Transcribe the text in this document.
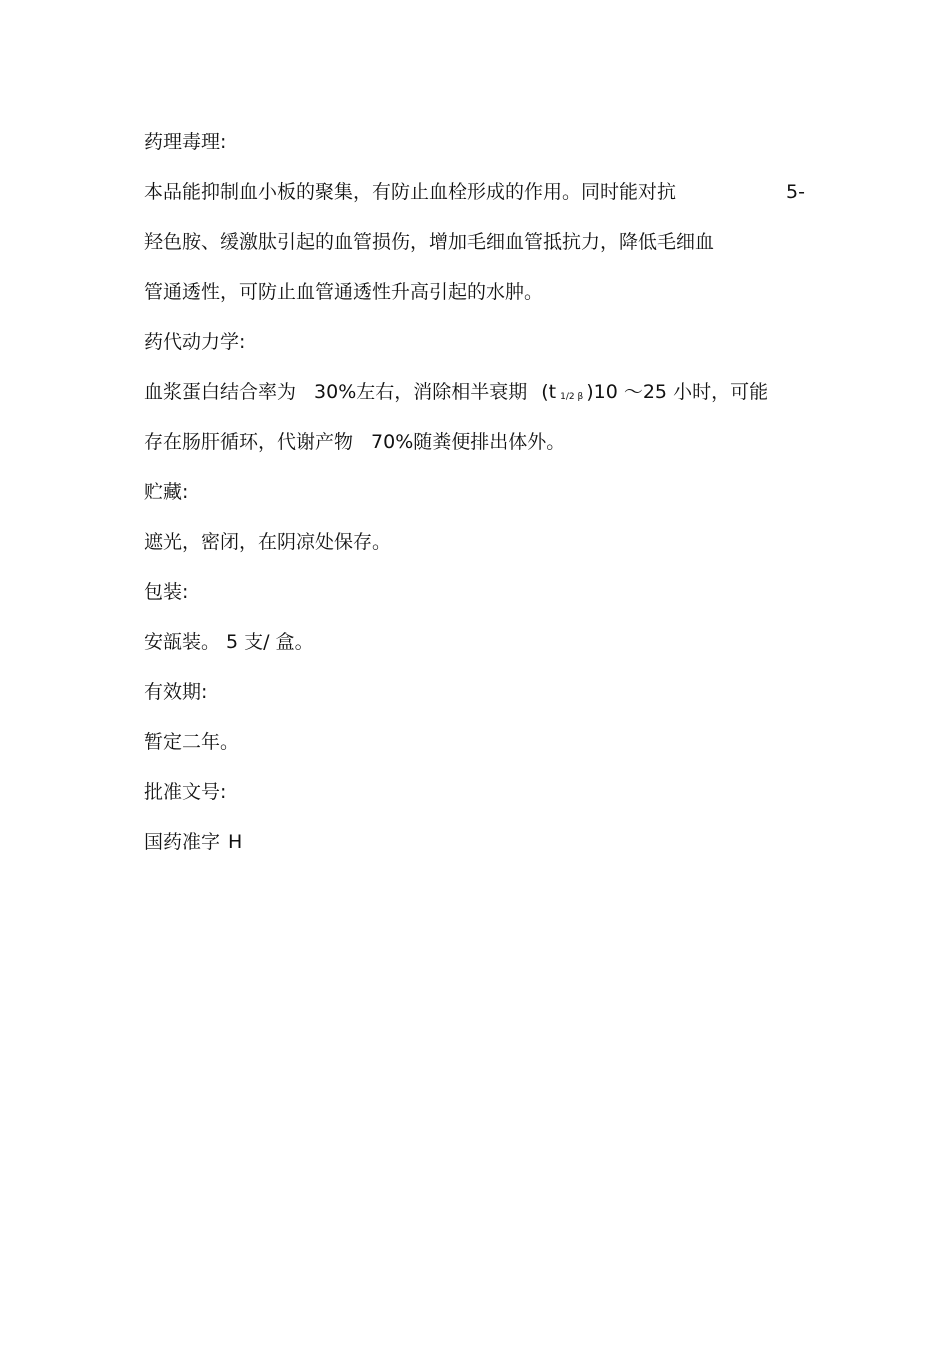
药理毒理:
本品能抑制血小板的聚集，有防止血栓形成的作用。同时能对抗	5-
羟色胺、缓激肽引起的血管损伤，增加毛细血管抵抗力，降低毛细血
管通透性，可防止血管通透性升高引起的水肿。
药代动力学:
血浆蛋白结合率为 30%左右，消除相半衰期 (t 1/2 β )10 ～25 小时，可能
存在肠肝循环，代谢产物 70%随粪便排出体外。
贮藏:
遮光，密闭，在阴凉处保存。
包装:
安瓿装。 5 支/ 盒。
有效期:
暂定二年。
批准文号:
国药准字 H
